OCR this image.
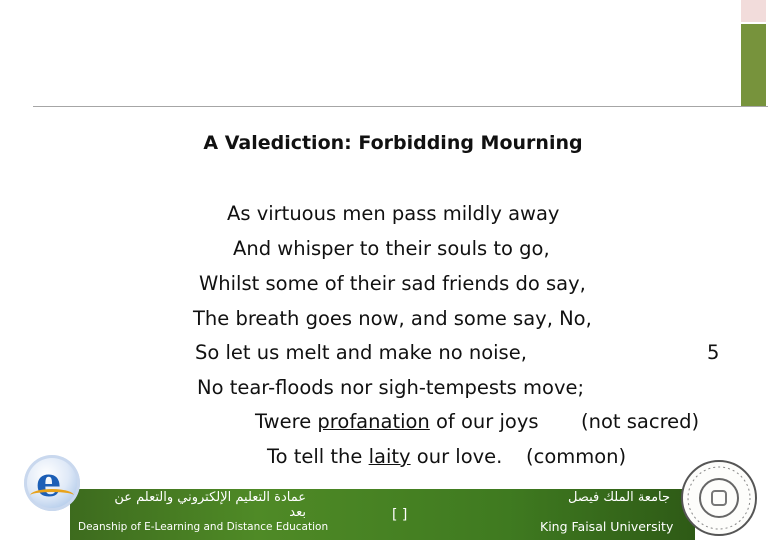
A Valediction: Forbidding Mourning
As virtuous men pass mildly away
And whisper to their souls to go,
Whilst some of their sad friends do say,
The breath goes now, and some say, No,
So let us melt and make no noise,	5
No tear-floods nor sigh-tempests move;
Twere profanation of our joys (not sacred)
To tell the laity our love. (common)
e	عمادة التعليم الإلكتروني والتعلم عن بعد
Deanship of E-Learning and Distance Education
[ ]
جامعة الملك فيصل
King Faisal University
